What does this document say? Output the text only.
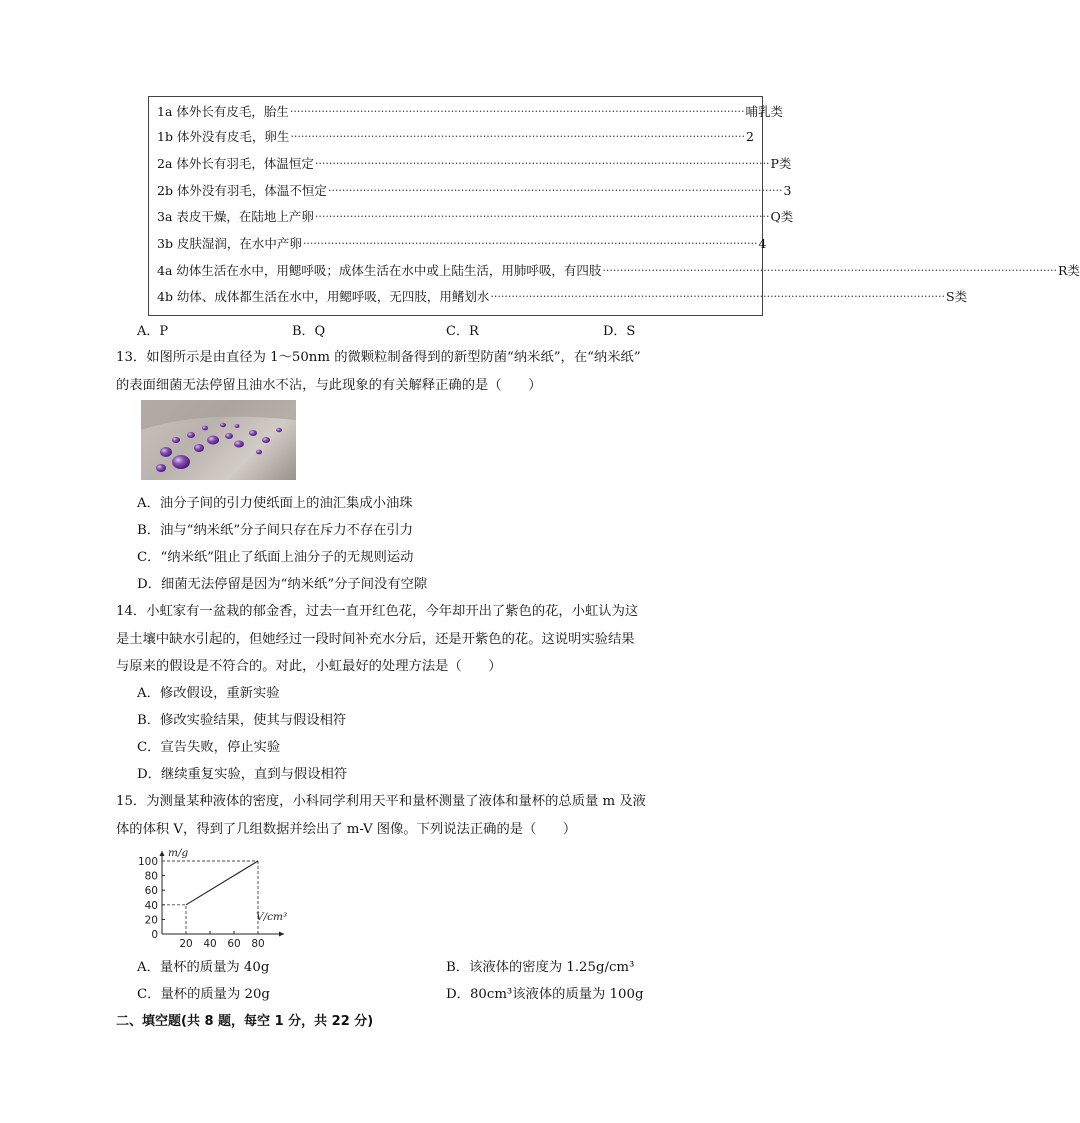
1a 体外长有皮毛，胎生 ·································································································································· 哺乳类
1b 体外没有皮毛，卵生 ·································································································································· 2
2a 体外长有羽毛，体温恒定 ·································································································································· P类
2b 体外没有羽毛，体温不恒定 ·································································································································· 3
3a 表皮干燥，在陆地上产卵 ·································································································································· Q类
3b 皮肤湿润，在水中产卵 ·································································································································· 4
4a 幼体生活在水中，用鳃呼吸；成体生活在水中或上陆生活，用肺呼吸，有四肢 ·································································································································· R类
4b 幼体、成体都生活在水中，用鳃呼吸，无四肢，用鳍划水 ·································································································································· S类
A．P	B．Q	C．R	D．S
13．如图所示是由直径为 1～50nm 的微颗粒制备得到的新型防菌“纳米纸”，在“纳米纸”
的表面细菌无法停留且油水不沾，与此现象的有关解释正确的是（　　）
A．油分子间的引力使纸面上的油汇集成小油珠
B．油与“纳米纸”分子间只存在斥力不存在引力
C．“纳米纸”阻止了纸面上油分子的无规则运动
D．细菌无法停留是因为“纳米纸”分子间没有空隙
14．小虹家有一盆栽的郁金香，过去一直开红色花，今年却开出了紫色的花，小虹认为这
是土壤中缺水引起的，但她经过一段时间补充水分后，还是开紫色的花。这说明实验结果
与原来的假设是不符合的。对此，小虹最好的处理方法是（　　）
A．修改假设，重新实验
B．修改实验结果，使其与假设相符
C．宣告失败，停止实验
D．继续重复实验，直到与假设相符
15．为测量某种液体的密度，小科同学利用天平和量杯测量了液体和量杯的总质量 m 及液
体的体积 V，得到了几组数据并绘出了 m-V 图像。下列说法正确的是（　　）
0
20
40
60
80
100
20 40 60 80
m/g
V/cm³
A．量杯的质量为 40g	B．该液体的密度为 1.25g/cm³
C．量杯的质量为 20g	D．80cm³该液体的质量为 100g
二、填空题(共 8 题，每空 1 分，共 22 分)
